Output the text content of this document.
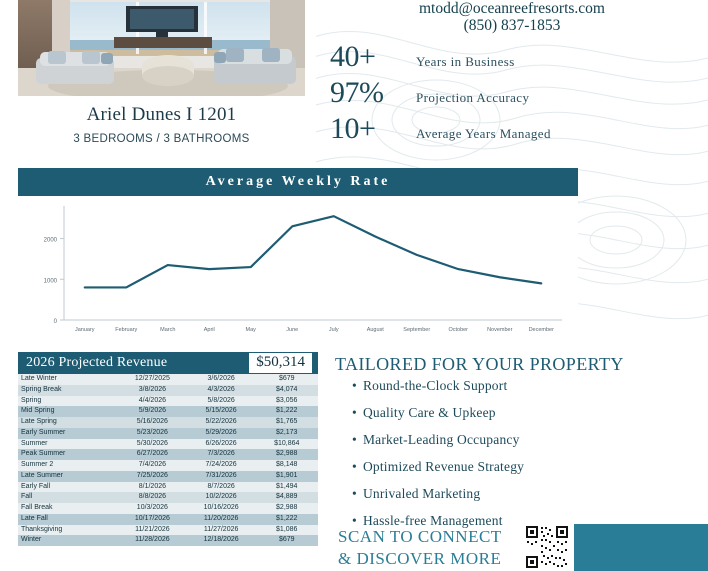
Ariel Dunes I 1201
3 BEDROOMS / 3 BATHROOMS
mtodd@oceanreefresorts.com
(850) 837-1853
40+	Years in Business
97%	Projection Accuracy
10+	Average Years Managed
Average Weekly Rate
0
1000
2000
January	February	March	April	May	June	July	August	September	October	November	December
2026 Projected Revenue	$50,314
Late Winter	12/27/2025	3/6/2026	$679
Spring Break	3/8/2026	4/3/2026	$4,074
Spring	4/4/2026	5/8/2026	$3,056
Mid Spring	5/9/2026	5/15/2026	$1,222
Late Spring	5/16/2026	5/22/2026	$1,765
Early Summer	5/23/2026	5/29/2026	$2,173
Summer	5/30/2026	6/26/2026	$10,864
Peak Summer	6/27/2026	7/3/2026	$2,988
Summer 2	7/4/2026	7/24/2026	$8,148
Late Summer	7/25/2026	7/31/2026	$1,901
Early Fall	8/1/2026	8/7/2026	$1,494
Fall	8/8/2026	10/2/2026	$4,889
Fall Break	10/3/2026	10/16/2026	$2,988
Late Fall	10/17/2026	11/20/2026	$1,222
Thanksgiving	11/21/2026	11/27/2026	$1,086
Winter	11/28/2026	12/18/2026	$679
TAILORED FOR YOUR PROPERTY
• Round-the-Clock Support
• Quality Care & Upkeep
• Market-Leading Occupancy
• Optimized Revenue Strategy
• Unrivaled Marketing
• Hassle-free Management
SCAN TO CONNECT
& DISCOVER MORE
